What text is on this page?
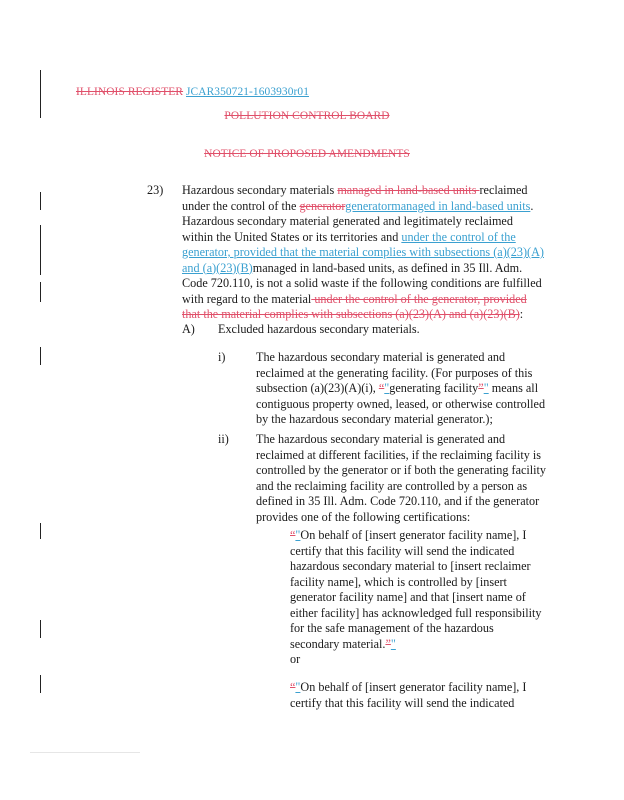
ILLINOIS REGISTER JCAR350721-1603930r01
POLLUTION CONTROL BOARD
NOTICE OF PROPOSED AMENDMENTS
23) Hazardous secondary materials managed in land-based units reclaimed under the control of the generatorgeneratormanaged in land-based units. Hazardous secondary material generated and legitimately reclaimed within the United States or its territories and under the control of the generator, provided that the material complies with subsections (a)(23)(A) and (a)(23)(B)managed in land-based units, as defined in 35 Ill. Adm. Code 720.110, is not a solid waste if the following conditions are fulfilled with regard to the material under the control of the generator, provided that the material complies with subsections (a)(23)(A) and (a)(23)(B):
A) Excluded hazardous secondary materials.
i)	The hazardous secondary material is generated and reclaimed at the generating facility. (For purposes of this subsection (a)(23)(A)(i), “"generating facility”" means all contiguous property owned, leased, or otherwise controlled by the hazardous secondary material generator.);
ii) The hazardous secondary material is generated and reclaimed at different facilities, if the reclaiming facility is controlled by the generator or if both the generating facility and the reclaiming facility are controlled by a person as defined in 35 Ill. Adm. Code 720.110, and if the generator provides one of the following certifications:
“"On behalf of [insert generator facility name], I certify that this facility will send the indicated hazardous secondary material to [insert reclaimer facility name], which is controlled by [insert generator facility name] and that [insert name of either facility] has acknowledged full responsibility for the safe management of the hazardous secondary material.”"
or
“"On behalf of [insert generator facility name], I certify that this facility will send the indicated
